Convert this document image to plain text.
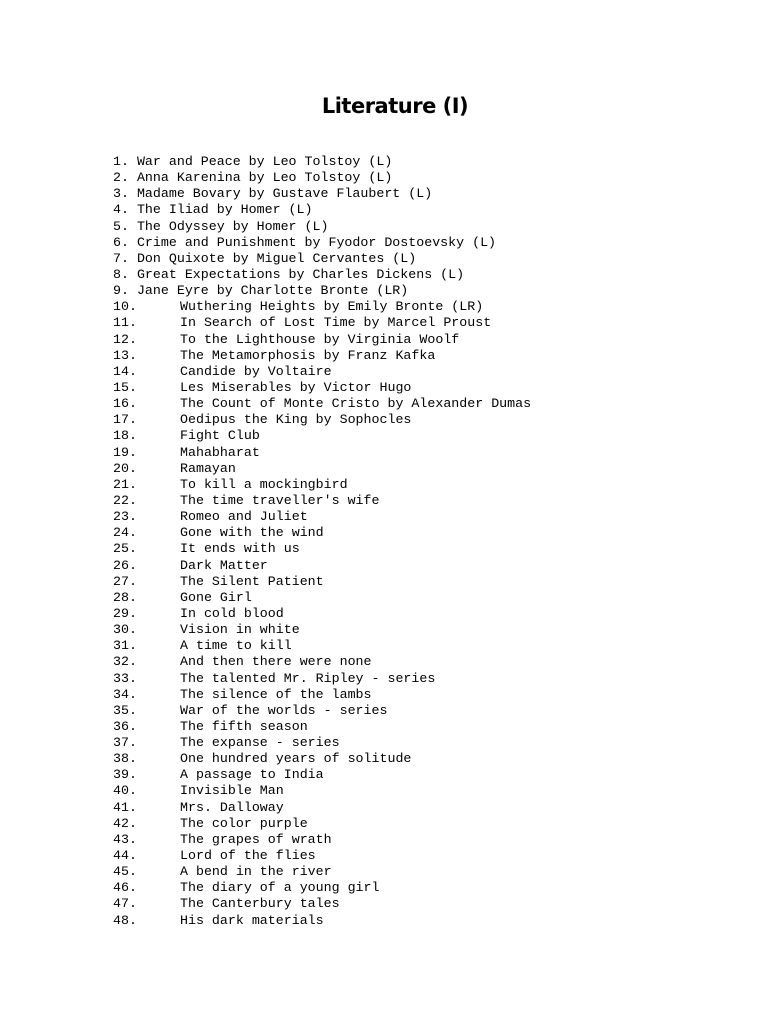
Literature (I)
1. War and Peace by Leo Tolstoy (L)
2. Anna Karenina by Leo Tolstoy (L)
3. Madame Bovary by Gustave Flaubert (L)
4. The Iliad by Homer (L)
5. The Odyssey by Homer (L)
6. Crime and Punishment by Fyodor Dostoevsky (L)
7. Don Quixote by Miguel Cervantes (L)
8. Great Expectations by Charles Dickens (L)
9. Jane Eyre by Charlotte Bronte (LR)
10.	Wuthering Heights by Emily Bronte (LR)
11.	In Search of Lost Time by Marcel Proust
12.	To the Lighthouse by Virginia Woolf
13.	The Metamorphosis by Franz Kafka
14.	Candide by Voltaire
15.	Les Miserables by Victor Hugo
16.	The Count of Monte Cristo by Alexander Dumas
17.	Oedipus the King by Sophocles
18.	Fight Club
19.	Mahabharat
20.	Ramayan
21.	To kill a mockingbird
22.	The time traveller's wife
23.	Romeo and Juliet
24.	Gone with the wind
25.	It ends with us
26.	Dark Matter
27.	The Silent Patient
28.	Gone Girl
29.	In cold blood
30.	Vision in white
31.	A time to kill
32.	And then there were none
33.	The talented Mr. Ripley - series
34.	The silence of the lambs
35.	War of the worlds - series
36.	The fifth season
37.	The expanse - series
38.	One hundred years of solitude
39.	A passage to India
40.	Invisible Man
41.	Mrs. Dalloway
42.	The color purple
43.	The grapes of wrath
44.	Lord of the flies
45.	A bend in the river
46.	The diary of a young girl
47.	The Canterbury tales
48.	His dark materials
